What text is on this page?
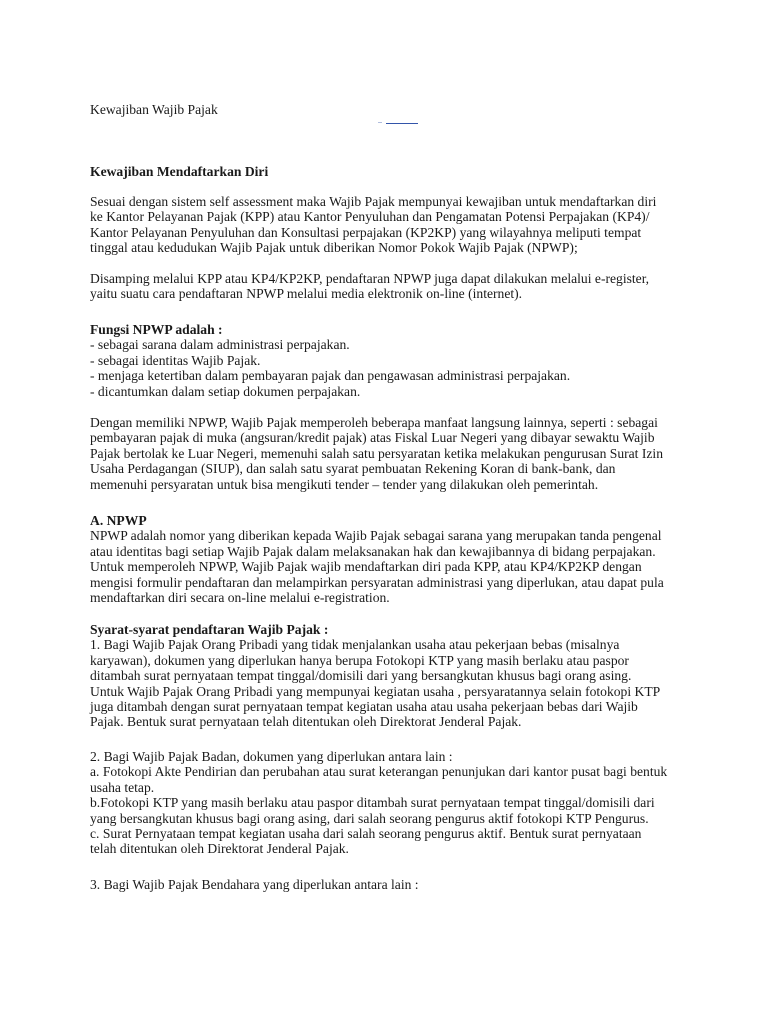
Kewajiban Wajib Pajak
..
Kewajiban Mendaftarkan Diri
Sesuai dengan sistem self assessment maka Wajib Pajak mempunyai kewajiban untuk mendaftarkan diri
ke Kantor Pelayanan Pajak (KPP) atau Kantor Penyuluhan dan Pengamatan Potensi Perpajakan (KP4)/
Kantor Pelayanan Penyuluhan dan Konsultasi perpajakan (KP2KP) yang wilayahnya meliputi tempat
tinggal atau kedudukan Wajib Pajak untuk diberikan Nomor Pokok Wajib Pajak (NPWP);
Disamping melalui KPP atau KP4/KP2KP, pendaftaran NPWP juga dapat dilakukan melalui e-register,
yaitu suatu cara pendaftaran NPWP melalui media elektronik on-line (internet).
Fungsi NPWP adalah :
- sebagai sarana dalam administrasi perpajakan.
- sebagai identitas Wajib Pajak.
- menjaga ketertiban dalam pembayaran pajak dan pengawasan administrasi perpajakan.
- dicantumkan dalam setiap dokumen perpajakan.
Dengan memiliki NPWP, Wajib Pajak memperoleh beberapa manfaat langsung lainnya, seperti : sebagai
pembayaran pajak di muka (angsuran/kredit pajak) atas Fiskal Luar Negeri yang dibayar sewaktu Wajib
Pajak bertolak ke Luar Negeri, memenuhi salah satu persyaratan ketika melakukan pengurusan Surat Izin
Usaha Perdagangan (SIUP), dan salah satu syarat pembuatan Rekening Koran di bank-bank, dan
memenuhi persyaratan untuk bisa mengikuti tender – tender yang dilakukan oleh pemerintah.
A. NPWP
NPWP adalah nomor yang diberikan kepada Wajib Pajak sebagai sarana yang merupakan tanda pengenal
atau identitas bagi setiap Wajib Pajak dalam melaksanakan hak dan kewajibannya di bidang perpajakan.
Untuk memperoleh NPWP, Wajib Pajak wajib mendaftarkan diri pada KPP, atau KP4/KP2KP dengan
mengisi formulir pendaftaran dan melampirkan persyaratan administrasi yang diperlukan, atau dapat pula
mendaftarkan diri secara on-line melalui e-registration.
Syarat-syarat pendaftaran Wajib Pajak :
1. Bagi Wajib Pajak Orang Pribadi yang tidak menjalankan usaha atau pekerjaan bebas (misalnya
karyawan), dokumen yang diperlukan hanya berupa Fotokopi KTP yang masih berlaku atau paspor
ditambah surat pernyataan tempat tinggal/domisili dari yang bersangkutan khusus bagi orang asing.
Untuk Wajib Pajak Orang Pribadi yang mempunyai kegiatan usaha , persyaratannya selain fotokopi KTP
juga ditambah dengan surat pernyataan tempat kegiatan usaha atau usaha pekerjaan bebas dari Wajib
Pajak. Bentuk surat pernyataan telah ditentukan oleh Direktorat Jenderal Pajak.
2. Bagi Wajib Pajak Badan, dokumen yang diperlukan antara lain :
a. Fotokopi Akte Pendirian dan perubahan atau surat keterangan penunjukan dari kantor pusat bagi bentuk
usaha tetap.
b.Fotokopi KTP yang masih berlaku atau paspor ditambah surat pernyataan tempat tinggal/domisili dari
yang bersangkutan khusus bagi orang asing, dari salah seorang pengurus aktif fotokopi KTP Pengurus.
c. Surat Pernyataan tempat kegiatan usaha dari salah seorang pengurus aktif. Bentuk surat pernyataan
telah ditentukan oleh Direktorat Jenderal Pajak.
3. Bagi Wajib Pajak Bendahara yang diperlukan antara lain :
